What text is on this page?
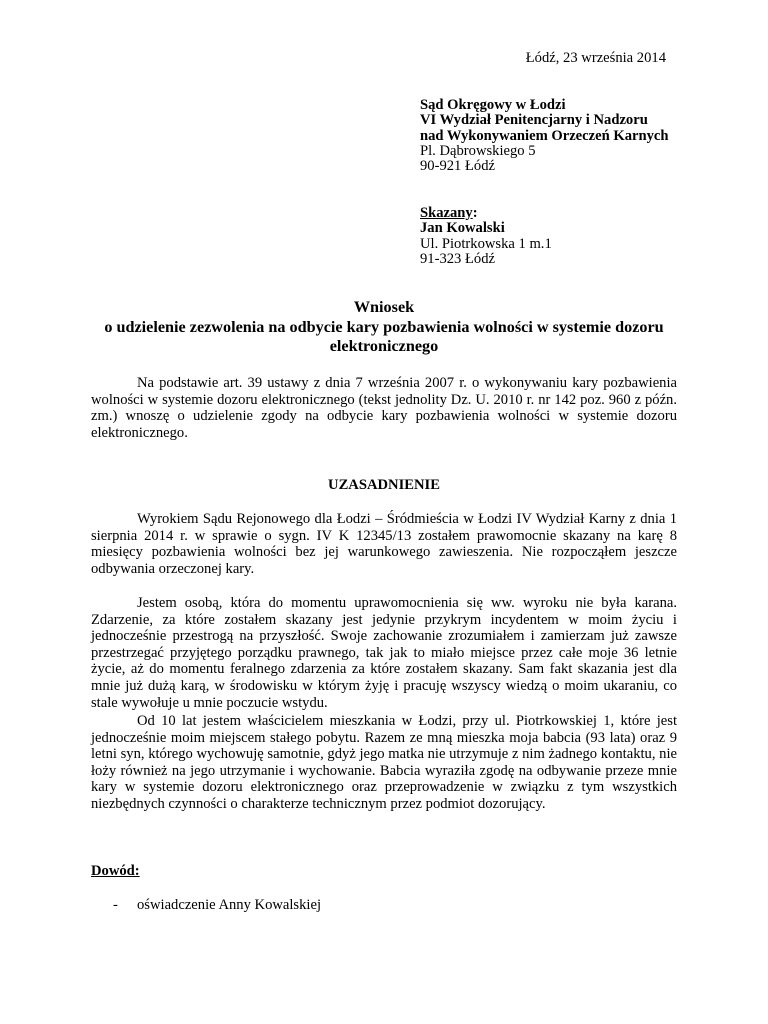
Łódź, 23 września 2014
Sąd Okręgowy w Łodzi
VI Wydział Penitencjarny i Nadzoru
nad Wykonywaniem Orzeczeń Karnych
Pl. Dąbrowskiego 5
90-921 Łódź
Skazany:
Jan Kowalski
Ul. Piotrkowska 1 m.1
91-323 Łódź
Wniosek
o udzielenie zezwolenia na odbycie kary pozbawienia wolności w systemie dozoru elektronicznego

Na podstawie art. 39 ustawy z dnia 7 września 2007 r. o wykonywaniu kary pozbawienia wolności w systemie dozoru elektronicznego (tekst jednolity Dz. U. 2010 r. nr 142 poz. 960 z późn. zm.) wnoszę o udzielenie zgody na odbycie kary pozbawienia wolności w systemie dozoru elektronicznego.

UZASADNIENIE

Wyrokiem Sądu Rejonowego dla Łodzi – Śródmieścia w Łodzi IV Wydział Karny z dnia 1 sierpnia 2014 r. w sprawie o sygn. IV K 12345/13 zostałem prawomocnie skazany na karę 8 miesięcy pozbawienia wolności bez jej warunkowego zawieszenia. Nie rozpocząłem jeszcze odbywania orzeczonej kary.

Jestem osobą, która do momentu uprawomocnienia się ww. wyroku nie była karana. Zdarzenie, za które zostałem skazany jest jedynie przykrym incydentem w moim życiu i jednocześnie przestrogą na przyszłość. Swoje zachowanie zrozumiałem i zamierzam już zawsze przestrzegać przyjętego porządku prawnego, tak jak to miało miejsce przez całe moje 36 letnie życie, aż do momentu feralnego zdarzenia za które zostałem skazany. Sam fakt skazania jest dla mnie już dużą karą, w środowisku w którym żyję i pracuję wszyscy wiedzą o moim ukaraniu, co stale wywołuje u mnie poczucie wstydu.

Od 10 lat jestem właścicielem mieszkania w Łodzi, przy ul. Piotrkowskiej 1, które jest jednocześnie moim miejscem stałego pobytu. Razem ze mną mieszka moja babcia (93 lata) oraz 9 letni syn, którego wychowuję samotnie, gdyż jego matka nie utrzymuje z nim żadnego kontaktu, nie łoży również na jego utrzymanie i wychowanie. Babcia wyraziła zgodę na odbywanie przeze mnie kary w systemie dozoru elektronicznego oraz przeprowadzenie w związku z tym wszystkich niezbędnych czynności o charakterze technicznym przez podmiot dozorujący.

Dowód:
- oświadczenie Anny Kowalskiej
